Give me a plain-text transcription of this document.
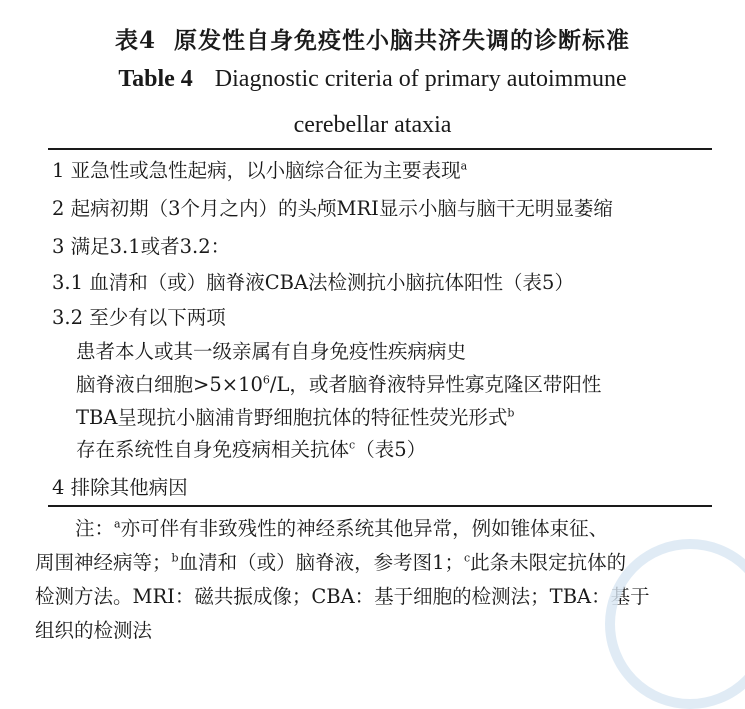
表4 原发性自身免疫性小脑共济失调的诊断标准
Table 4 Diagnostic criteria of primary autoimmune
cerebellar ataxia
1 亚急性或急性起病，以小脑综合征为主要表现$^a$
2 起病初期（3个月之内）的头颅MRI显示小脑与脑干无明显萎缩
3 满足3.1或者3.2：
3.1 血清和（或）脑脊液CBA法检测抗小脑抗体阳性（表5）
3.2 至少有以下两项
患者本人或其一级亲属有自身免疫性疾病病史
脑脊液白细胞$>5\times 10^6/L$，或者脑脊液特异性寡克隆区带阳性
TBA呈现抗小脑浦肯野细胞抗体的特征性荧光形式$^b$
存在系统性自身免疫病相关抗体$^c$（表5）
4 排除其他病因
注：$^a$亦可伴有非致残性的神经系统其他异常，例如锥体束征、
周围神经病等；$^b$血清和（或）脑脊液，参考图1；$^c$此条未限定抗体的
检测方法。MRI：磁共振成像；CBA：基于细胞的检测法；TBA：基于
组织的检测法
